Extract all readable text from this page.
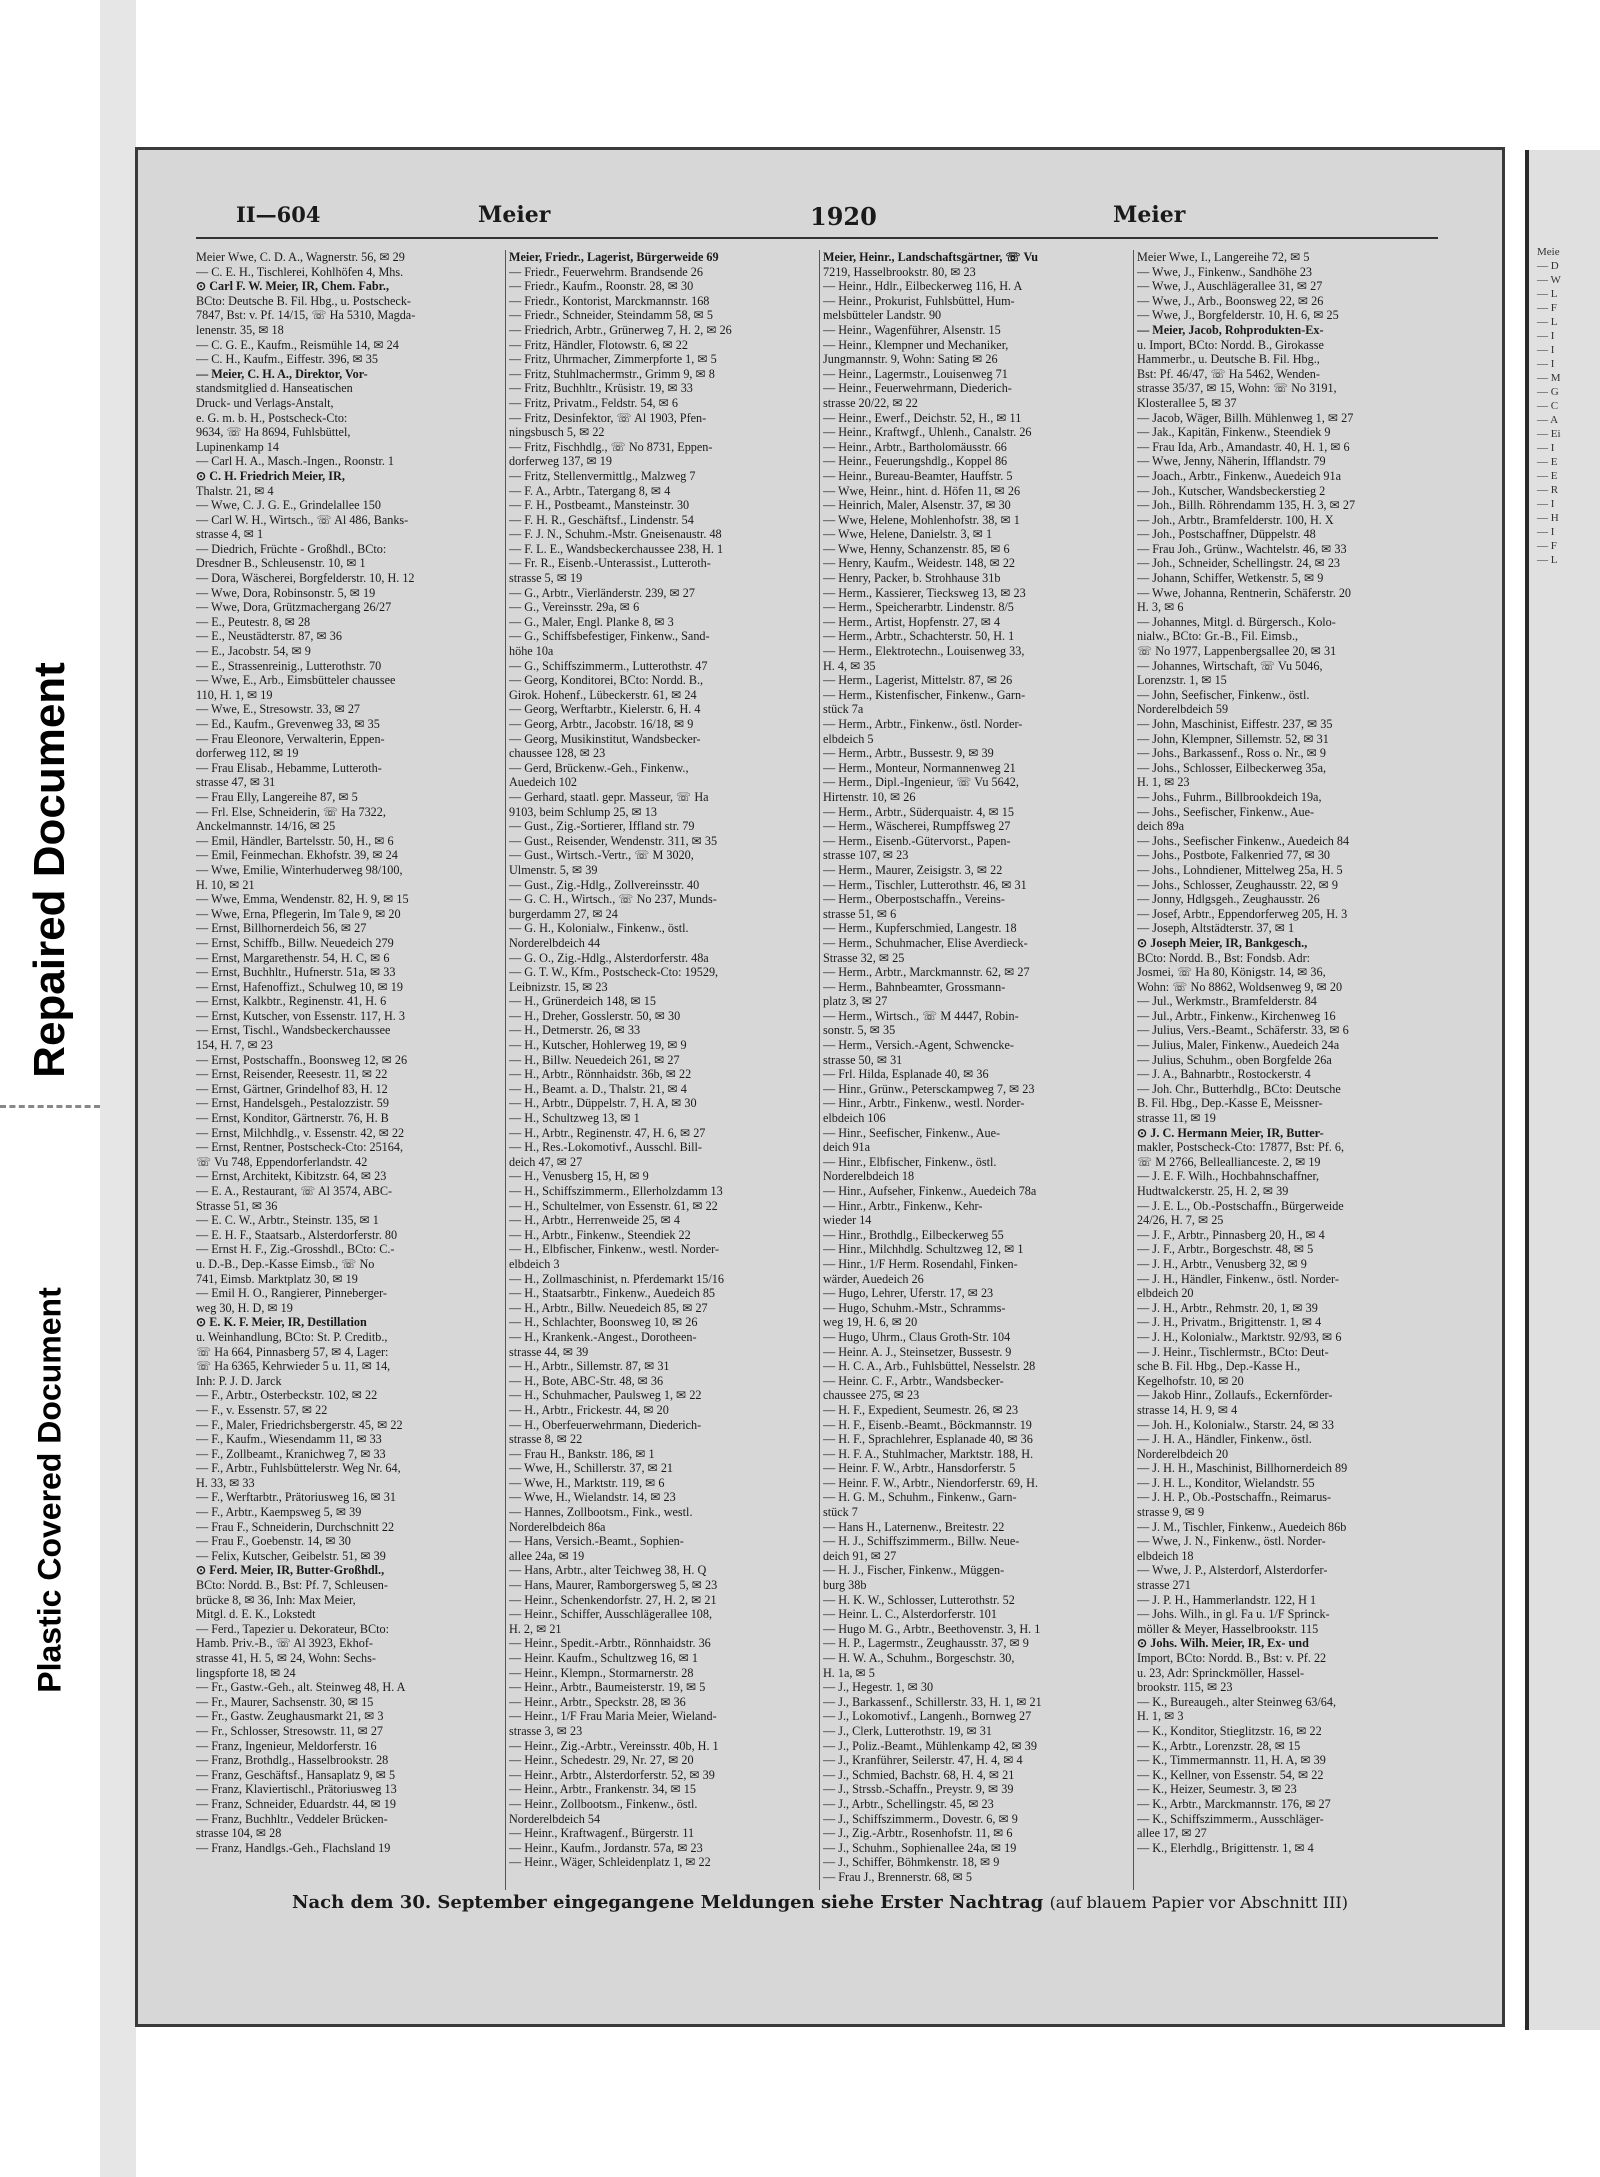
Repaired Document
Plastic Covered Document
II—604	Meier	1920	Meier
Meier Wwe, C. D. A., Wagnerstr. 56, ✉ 29
— C. E. H., Tischlerei, Kohlhöfen 4, Mhs.
⊙ Carl F. W. Meier, IR, Chem. Fabr.,
BCto: Deutsche B. Fil. Hbg., u. Postscheck-
7847, Bst: v. Pf. 14/15, ☏ Ha 5310, Magda-
lenenstr. 35, ✉ 18
— C. G. E., Kaufm., Reismühle 14, ✉ 24
— C. H., Kaufm., Eiffestr. 396, ✉ 35
— Meier, C. H. A., Direktor, Vor-
standsmitglied d. Hanseatischen
Druck- und Verlags-Anstalt,
e. G. m. b. H., Postscheck-Cto:
9634, ☏ Ha 8694, Fuhlsbüttel,
Lupinenkamp 14
— Carl H. A., Masch.-Ingen., Roonstr. 1
⊙ C. H. Friedrich Meier, IR,
Thalstr. 21, ✉ 4
— Wwe, C. J. G. E., Grindelallee 150
— Carl W. H., Wirtsch., ☏ Al 486, Banks-
strasse 4, ✉ 1
— Diedrich, Früchte - Großhdl., BCto:
Dresdner B., Schleusenstr. 10, ✉ 1
— Dora, Wäscherei, Borgfelderstr. 10, H. 12
— Wwe, Dora, Robinsonstr. 5, ✉ 19
— Wwe, Dora, Grützmachergang 26/27
— E., Peutestr. 8, ✉ 28
— E., Neustädterstr. 87, ✉ 36
— E., Jacobstr. 54, ✉ 9
— E., Strassenreinig., Lutterothstr. 70
— Wwe, E., Arb., Eimsbütteler chaussee
110, H. 1, ✉ 19
— Wwe, E., Stresowstr. 33, ✉ 27
— Ed., Kaufm., Grevenweg 33, ✉ 35
— Frau Eleonore, Verwalterin, Eppen-
dorferweg 112, ✉ 19
— Frau Elisab., Hebamme, Lutteroth-
strasse 47, ✉ 31
— Frau Elly, Langereihe 87, ✉ 5
— Frl. Else, Schneiderin, ☏ Ha 7322,
Anckelmannstr. 14/16, ✉ 25
— Emil, Händler, Bartelsstr. 50, H., ✉ 6
— Emil, Feinmechan. Ekhofstr. 39, ✉ 24
— Wwe, Emilie, Winterhuderweg 98/100,
H. 10, ✉ 21
— Wwe, Emma, Wendenstr. 82, H. 9, ✉ 15
— Wwe, Erna, Pflegerin, Im Tale 9, ✉ 20
— Ernst, Billhornerdeich 56, ✉ 27
— Ernst, Schiffb., Billw. Neuedeich 279
— Ernst, Margarethenstr. 54, H. C, ✉ 6
— Ernst, Buchhltr., Hufnerstr. 51a, ✉ 33
— Ernst, Hafenoffizt., Schulweg 10, ✉ 19
— Ernst, Kalkbtr., Reginenstr. 41, H. 6
— Ernst, Kutscher, von Essenstr. 117, H. 3
— Ernst, Tischl., Wandsbeckerchaussee
154, H. 7, ✉ 23
— Ernst, Postschaffn., Boonsweg 12, ✉ 26
— Ernst, Reisender, Reesestr. 11, ✉ 22
— Ernst, Gärtner, Grindelhof 83, H. 12
— Ernst, Handelsgeh., Pestalozzistr. 59
— Ernst, Konditor, Gärtnerstr. 76, H. B
— Ernst, Milchhdlg., v. Essenstr. 42, ✉ 22
— Ernst, Rentner, Postscheck-Cto: 25164,
☏ Vu 748, Eppendorferlandstr. 42
— Ernst, Architekt, Kibitzstr. 64, ✉ 23
— E. A., Restaurant, ☏ Al 3574, ABC-
Strasse 51, ✉ 36
— E. C. W., Arbtr., Steinstr. 135, ✉ 1
— E. H. F., Staatsarb., Alsterdorferstr. 80
— Ernst H. F., Zig.-Grosshdl., BCto: C.-
u. D.-B., Dep.-Kasse Eimsb., ☏ No
741, Eimsb. Marktplatz 30, ✉ 19
— Emil H. O., Rangierer, Pinneberger-
weg 30, H. D, ✉ 19
⊙ E. K. F. Meier, IR, Destillation
u. Weinhandlung, BCto: St. P. Creditb.,
☏ Ha 664, Pinnasberg 57, ✉ 4, Lager:
☏ Ha 6365, Kehrwieder 5 u. 11, ✉ 14,
Inh: P. J. D. Jarck
— F., Arbtr., Osterbeckstr. 102, ✉ 22
— F., v. Essenstr. 57, ✉ 22
— F., Maler, Friedrichsbergerstr. 45, ✉ 22
— F., Kaufm., Wiesendamm 11, ✉ 33
— F., Zollbeamt., Kranichweg 7, ✉ 33
— F., Arbtr., Fuhlsbüttelerstr. Weg Nr. 64,
H. 33, ✉ 33
— F., Werftarbtr., Prätoriusweg 16, ✉ 31
— F., Arbtr., Kaempsweg 5, ✉ 39
— Frau F., Schneiderin, Durchschnitt 22
— Frau F., Goebenstr. 14, ✉ 30
— Felix, Kutscher, Geibelstr. 51, ✉ 39
⊙ Ferd. Meier, IR, Butter-Großhdl.,
BCto: Nordd. B., Bst: Pf. 7, Schleusen-
brücke 8, ✉ 36, Inh: Max Meier,
Mitgl. d. E. K., Lokstedt
— Ferd., Tapezier u. Dekorateur, BCto:
Hamb. Priv.-B., ☏ Al 3923, Ekhof-
strasse 41, H. 5, ✉ 24, Wohn: Sechs-
lingspforte 18, ✉ 24
— Fr., Gastw.-Geh., alt. Steinweg 48, H. A
— Fr., Maurer, Sachsenstr. 30, ✉ 15
— Fr., Gastw. Zeughausmarkt 21, ✉ 3
— Fr., Schlosser, Stresowstr. 11, ✉ 27
— Franz, Ingenieur, Meldorferstr. 16
— Franz, Brothdlg., Hasselbrookstr. 28
— Franz, Geschäftsf., Hansaplatz 9, ✉ 5
— Franz, Klaviertischl., Prätoriusweg 13
— Franz, Schneider, Eduardstr. 44, ✉ 19
— Franz, Buchhltr., Veddeler Brücken-
strasse 104, ✉ 28
— Franz, Handlgs.-Geh., Flachsland 19
Meier, Friedr., Lagerist, Bürgerweide 69
— Friedr., Feuerwehrm. Brandsende 26
— Friedr., Kaufm., Roonstr. 28, ✉ 30
— Friedr., Kontorist, Marckmannstr. 168
— Friedr., Schneider, Steindamm 58, ✉ 5
— Friedrich, Arbtr., Grünerweg 7, H. 2, ✉ 26
— Fritz, Händler, Flotowstr. 6, ✉ 22
— Fritz, Uhrmacher, Zimmerpforte 1, ✉ 5
— Fritz, Stuhlmachermstr., Grimm 9, ✉ 8
— Fritz, Buchhltr., Krüsistr. 19, ✉ 33
— Fritz, Privatm., Feldstr. 54, ✉ 6
— Fritz, Desinfektor, ☏ Al 1903, Pfen-
ningsbusch 5, ✉ 22
— Fritz, Fischhdlg., ☏ No 8731, Eppen-
dorferweg 137, ✉ 19
— Fritz, Stellenvermittlg., Malzweg 7
— F. A., Arbtr., Tatergang 8, ✉ 4
— F. H., Postbeamt., Mansteinstr. 30
— F. H. R., Geschäftsf., Lindenstr. 54
— F. J. N., Schuhm.-Mstr. Gneisenaustr. 48
— F. L. E., Wandsbeckerchaussee 238, H. 1
— Fr. R., Eisenb.-Unterassist., Lutteroth-
strasse 5, ✉ 19
— G., Arbtr., Vierländerstr. 239, ✉ 27
— G., Vereinsstr. 29a, ✉ 6
— G., Maler, Engl. Planke 8, ✉ 3
— G., Schiffsbefestiger, Finkenw., Sand-
höhe 10a
— G., Schiffszimmerm., Lutterothstr. 47
— Georg, Konditorei, BCto: Nordd. B.,
Girok. Hohenf., Lübeckerstr. 61, ✉ 24
— Georg, Werftarbtr., Kielerstr. 6, H. 4
— Georg, Arbtr., Jacobstr. 16/18, ✉ 9
— Georg, Musikinstitut, Wandsbecker-
chaussee 128, ✉ 23
— Gerd, Brückenw.-Geh., Finkenw.,
Auedeich 102
— Gerhard, staatl. gepr. Masseur, ☏ Ha
9103, beim Schlump 25, ✉ 13
— Gust., Zig.-Sortierer, Iffland str. 79
— Gust., Reisender, Wendenstr. 311, ✉ 35
— Gust., Wirtsch.-Vertr., ☏ M 3020,
Ulmenstr. 5, ✉ 39
— Gust., Zig.-Hdlg., Zollvereinsstr. 40
— G. C. H., Wirtsch., ☏ No 237, Munds-
burgerdamm 27, ✉ 24
— G. H., Kolonialw., Finkenw., östl.
Norderelbdeich 44
— G. O., Zig.-Hdlg., Alsterdorferstr. 48a
— G. T. W., Kfm., Postscheck-Cto: 19529,
Leibnizstr. 15, ✉ 23
— H., Grünerdeich 148, ✉ 15
— H., Dreher, Gosslerstr. 50, ✉ 30
— H., Detmerstr. 26, ✉ 33
— H., Kutscher, Hohlerweg 19, ✉ 9
— H., Billw. Neuedeich 261, ✉ 27
— H., Arbtr., Rönnhaidstr. 36b, ✉ 22
— H., Beamt. a. D., Thalstr. 21, ✉ 4
— H., Arbtr., Düppelstr. 7, H. A, ✉ 30
— H., Schultzweg 13, ✉ 1
— H., Arbtr., Reginenstr. 47, H. 6, ✉ 27
— H., Res.-Lokomotivf., Ausschl. Bill-
deich 47, ✉ 27
— H., Venusberg 15, H, ✉ 9
— H., Schiffszimmerm., Ellerholzdamm 13
— H., Schultelmer, von Essenstr. 61, ✉ 22
— H., Arbtr., Herrenweide 25, ✉ 4
— H., Arbtr., Finkenw., Steendiek 22
— H., Elbfischer, Finkenw., westl. Norder-
elbdeich 3
— H., Zollmaschinist, n. Pferdemarkt 15/16
— H., Staatsarbtr., Finkenw., Auedeich 85
— H., Arbtr., Billw. Neuedeich 85, ✉ 27
— H., Schlachter, Boonsweg 10, ✉ 26
— H., Krankenk.-Angest., Dorotheen-
strasse 44, ✉ 39
— H., Arbtr., Sillemstr. 87, ✉ 31
— H., Bote, ABC-Str. 48, ✉ 36
— H., Schuhmacher, Paulsweg 1, ✉ 22
— H., Arbtr., Frickestr. 44, ✉ 20
— H., Oberfeuerwehrmann, Diederich-
strasse 8, ✉ 22
— Frau H., Bankstr. 186, ✉ 1
— Wwe, H., Schillerstr. 37, ✉ 21
— Wwe, H., Marktstr. 119, ✉ 6
— Wwe, H., Wielandstr. 14, ✉ 23
— Hannes, Zollbootsm., Fink., westl.
Norderelbdeich 86a
— Hans, Versich.-Beamt., Sophien-
allee 24a, ✉ 19
— Hans, Arbtr., alter Teichweg 38, H. Q
— Hans, Maurer, Ramborgersweg 5, ✉ 23
— Heinr., Schenkendorfstr. 27, H. 2, ✉ 21
— Heinr., Schiffer, Ausschlägerallee 108,
H. 2, ✉ 21
— Heinr., Spedit.-Arbtr., Rönnhaidstr. 36
— Heinr. Kaufm., Schultzweg 16, ✉ 1
— Heinr., Klempn., Stormarnerstr. 28
— Heinr., Arbtr., Baumeisterstr. 19, ✉ 5
— Heinr., Arbtr., Speckstr. 28, ✉ 36
— Heinr., 1/F Frau Maria Meier, Wieland-
strasse 3, ✉ 23
— Heinr., Zig.-Arbtr., Vereinsstr. 40b, H. 1
— Heinr., Schedestr. 29, Nr. 27, ✉ 20
— Heinr., Arbtr., Alsterdorferstr. 52, ✉ 39
— Heinr., Arbtr., Frankenstr. 34, ✉ 15
— Heinr., Zollbootsm., Finkenw., östl.
Norderelbdeich 54
— Heinr., Kraftwagenf., Bürgerstr. 11
— Heinr., Kaufm., Jordanstr. 57a, ✉ 23
— Heinr., Wäger, Schleidenplatz 1, ✉ 22
Meier, Heinr., Landschaftsgärtner, ☏ Vu
7219, Hasselbrookstr. 80, ✉ 23
— Heinr., Hdlr., Eilbeckerweg 116, H. A
— Heinr., Prokurist, Fuhlsbüttel, Hum-
melsbütteler Landstr. 90
— Heinr., Wagenführer, Alsenstr. 15
— Heinr., Klempner und Mechaniker,
Jungmannstr. 9, Wohn: Sating ✉ 26
— Heinr., Lagermstr., Louisenweg 71
— Heinr., Feuerwehrmann, Diederich-
strasse 20/22, ✉ 22
— Heinr., Ewerf., Deichstr. 52, H., ✉ 11
— Heinr., Kraftwgf., Uhlenh., Canalstr. 26
— Heinr., Arbtr., Bartholomäusstr. 66
— Heinr., Feuerungshdlg., Koppel 86
— Heinr., Bureau-Beamter, Hauffstr. 5
— Wwe, Heinr., hint. d. Höfen 11, ✉ 26
— Heinrich, Maler, Alsenstr. 37, ✉ 30
— Wwe, Helene, Mohlenhofstr. 38, ✉ 1
— Wwe, Helene, Danielstr. 3, ✉ 1
— Wwe, Henny, Schanzenstr. 85, ✉ 6
— Henry, Kaufm., Weidestr. 148, ✉ 22
— Henry, Packer, b. Strohhause 31b
— Herm., Kassierer, Tiecksweg 13, ✉ 23
— Herm., Speicherarbtr. Lindenstr. 8/5
— Herm., Artist, Hopfenstr. 27, ✉ 4
— Herm., Arbtr., Schachterstr. 50, H. 1
— Herm., Elektrotechn., Louisenweg 33,
H. 4, ✉ 35
— Herm., Lagerist, Mittelstr. 87, ✉ 26
— Herm., Kistenfischer, Finkenw., Garn-
stück 7a
— Herm., Arbtr., Finkenw., östl. Norder-
elbdeich 5
— Herm., Arbtr., Bussestr. 9, ✉ 39
— Herm., Monteur, Normannenweg 21
— Herm., Dipl.-Ingenieur, ☏ Vu 5642,
Hirtenstr. 10, ✉ 26
— Herm., Arbtr., Süderquaistr. 4, ✉ 15
— Herm., Wäscherei, Rumpffsweg 27
— Herm., Eisenb.-Gütervorst., Papen-
strasse 107, ✉ 23
— Herm., Maurer, Zeisigstr. 3, ✉ 22
— Herm., Tischler, Lutterothstr. 46, ✉ 31
— Herm., Oberpostschaffn., Vereins-
strasse 51, ✉ 6
— Herm., Kupferschmied, Langestr. 18
— Herm., Schuhmacher, Elise Averdieck-
Strasse 32, ✉ 25
— Herm., Arbtr., Marckmannstr. 62, ✉ 27
— Herm., Bahnbeamter, Grossmann-
platz 3, ✉ 27
— Herm., Wirtsch., ☏ M 4447, Robin-
sonstr. 5, ✉ 35
— Herm., Versich.-Agent, Schwencke-
strasse 50, ✉ 31
— Frl. Hilda, Esplanade 40, ✉ 36
— Hinr., Grünw., Petersckampweg 7, ✉ 23
— Hinr., Arbtr., Finkenw., westl. Norder-
elbdeich 106
— Hinr., Seefischer, Finkenw., Aue-
deich 91a
— Hinr., Elbfischer, Finkenw., östl.
Norderelbdeich 18
— Hinr., Aufseher, Finkenw., Auedeich 78a
— Hinr., Arbtr., Finkenw., Kehr-
wieder 14
— Hinr., Brothdlg., Eilbeckerweg 55
— Hinr., Milchhdlg. Schultzweg 12, ✉ 1
— Hinr., 1/F Herm. Rosendahl, Finken-
wärder, Auedeich 26
— Hugo, Lehrer, Uferstr. 17, ✉ 23
— Hugo, Schuhm.-Mstr., Schramms-
weg 19, H. 6, ✉ 20
— Hugo, Uhrm., Claus Groth-Str. 104
— Heinr. A. J., Steinsetzer, Bussestr. 9
— H. C. A., Arb., Fuhlsbüttel, Nesselstr. 28
— Heinr. C. F., Arbtr., Wandsbecker-
chaussee 275, ✉ 23
— H. F., Expedient, Seumestr. 26, ✉ 23
— H. F., Eisenb.-Beamt., Böckmannstr. 19
— H. F., Sprachlehrer, Esplanade 40, ✉ 36
— H. F. A., Stuhlmacher, Marktstr. 188, H.
— Heinr. F. W., Arbtr., Hansdorferstr. 5
— Heinr. F. W., Arbtr., Niendorferstr. 69, H.
— H. G. M., Schuhm., Finkenw., Garn-
stück 7
— Hans H., Laternenw., Breitestr. 22
— H. J., Schiffszimmerm., Billw. Neue-
deich 91, ✉ 27
— H. J., Fischer, Finkenw., Müggen-
burg 38b
— H. K. W., Schlosser, Lutterothstr. 52
— Heinr. L. C., Alsterdorferstr. 101
— Hugo M. G., Arbtr., Beethovenstr. 3, H. 1
— H. P., Lagermstr., Zeughausstr. 37, ✉ 9
— H. W. A., Schuhm., Borgeschstr. 30,
H. 1a, ✉ 5
— J., Hegestr. 1, ✉ 30
— J., Barkassenf., Schillerstr. 33, H. 1, ✉ 21
— J., Lokomotivf., Langenh., Bornweg 27
— J., Clerk, Lutterothstr. 19, ✉ 31
— J., Poliz.-Beamt., Mühlenkamp 42, ✉ 39
— J., Kranführer, Seilerstr. 47, H. 4, ✉ 4
— J., Schmied, Bachstr. 68, H. 4, ✉ 21
— J., Strssb.-Schaffn., Preystr. 9, ✉ 39
— J., Arbtr., Schellingstr. 45, ✉ 23
— J., Schiffszimmerm., Dovestr. 6, ✉ 9
— J., Zig.-Arbtr., Rosenhofstr. 11, ✉ 6
— J., Schuhm., Sophienallee 24a, ✉ 19
— J., Schiffer, Böhmkenstr. 18, ✉ 9
— Frau J., Brennerstr. 68, ✉ 5
Meier Wwe, I., Langereihe 72, ✉ 5
— Wwe, J., Finkenw., Sandhöhe 23
— Wwe, J., Auschlägerallee 31, ✉ 27
— Wwe, J., Arb., Boonsweg 22, ✉ 26
— Wwe, J., Borgfelderstr. 10, H. 6, ✉ 25
— Meier, Jacob, Rohprodukten-Ex-
u. Import, BCto: Nordd. B., Girokasse
Hammerbr., u. Deutsche B. Fil. Hbg.,
Bst: Pf. 46/47, ☏ Ha 5462, Wenden-
strasse 35/37, ✉ 15, Wohn: ☏ No 3191,
Klosterallee 5, ✉ 37
— Jacob, Wäger, Billh. Mühlenweg 1, ✉ 27
— Jak., Kapitän, Finkenw., Steendiek 9
— Frau Ida, Arb., Amandastr. 40, H. 1, ✉ 6
— Wwe, Jenny, Näherin, Ifflandstr. 79
— Joach., Arbtr., Finkenw., Auedeich 91a
— Joh., Kutscher, Wandsbeckerstieg 2
— Joh., Billh. Röhrendamm 135, H. 3, ✉ 27
— Joh., Arbtr., Bramfelderstr. 100, H. X
— Joh., Postschaffner, Düppelstr. 48
— Frau Joh., Grünw., Wachtelstr. 46, ✉ 33
— Joh., Schneider, Schellingstr. 24, ✉ 23
— Johann, Schiffer, Wetkenstr. 5, ✉ 9
— Wwe, Johanna, Rentnerin, Schäferstr. 20
H. 3, ✉ 6
— Johannes, Mitgl. d. Bürgersch., Kolo-
nialw., BCto: Gr.-B., Fil. Eimsb.,
☏ No 1977, Lappenbergsallee 20, ✉ 31
— Johannes, Wirtschaft, ☏ Vu 5046,
Lorenzstr. 1, ✉ 15
— John, Seefischer, Finkenw., östl.
Norderelbdeich 59
— John, Maschinist, Eiffestr. 237, ✉ 35
— John, Klempner, Sillemstr. 52, ✉ 31
— Johs., Barkassenf., Ross o. Nr., ✉ 9
— Johs., Schlosser, Eilbeckerweg 35a,
H. 1, ✉ 23
— Johs., Fuhrm., Billbrookdeich 19a,
— Johs., Seefischer, Finkenw., Aue-
deich 89a
— Johs., Seefischer Finkenw., Auedeich 84
— Johs., Postbote, Falkenried 77, ✉ 30
— Johs., Lohndiener, Mittelweg 25a, H. 5
— Johs., Schlosser, Zeughausstr. 22, ✉ 9
— Jonny, Hdlgsgeh., Zeughausstr. 26
— Josef, Arbtr., Eppendorferweg 205, H. 3
— Joseph, Altstädterstr. 37, ✉ 1
⊙ Joseph Meier, IR, Bankgesch.,
BCto: Nordd. B., Bst: Fondsb. Adr:
Josmei, ☏ Ha 80, Königstr. 14, ✉ 36,
Wohn: ☏ No 8862, Woldsenweg 9, ✉ 20
— Jul., Werkmstr., Bramfelderstr. 84
— Jul., Arbtr., Finkenw., Kirchenweg 16
— Julius, Vers.-Beamt., Schäferstr. 33, ✉ 6
— Julius, Maler, Finkenw., Auedeich 24a
— Julius, Schuhm., oben Borgfelde 26a
— J. A., Bahnarbtr., Rostockerstr. 4
— Joh. Chr., Butterhdlg., BCto: Deutsche
B. Fil. Hbg., Dep.-Kasse E, Meissner-
strasse 11, ✉ 19
⊙ J. C. Hermann Meier, IR, Butter-
makler, Postscheck-Cto: 17877, Bst: Pf. 6,
☏ M 2766, Belleallianceste. 2, ✉ 19
— J. E. F. Wilh., Hochbahnschaffner,
Hudtwalckerstr. 25, H. 2, ✉ 39
— J. E. L., Ob.-Postschaffn., Bürgerweide
24/26, H. 7, ✉ 25
— J. F., Arbtr., Pinnasberg 20, H., ✉ 4
— J. F., Arbtr., Borgeschstr. 48, ✉ 5
— J. H., Arbtr., Venusberg 32, ✉ 9
— J. H., Händler, Finkenw., östl. Norder-
elbdeich 20
— J. H., Arbtr., Rehmstr. 20, 1, ✉ 39
— J. H., Privatm., Brigittenstr. 1, ✉ 4
— J. H., Kolonialw., Marktstr. 92/93, ✉ 6
— J. Heinr., Tischlermstr., BCto: Deut-
sche B. Fil. Hbg., Dep.-Kasse H.,
Kegelhofstr. 10, ✉ 20
— Jakob Hinr., Zollaufs., Eckernförder-
strasse 14, H. 9, ✉ 4
— Joh. H., Kolonialw., Starstr. 24, ✉ 33
— J. H. A., Händler, Finkenw., östl.
Norderelbdeich 20
— J. H. H., Maschinist, Billhornerdeich 89
— J. H. L., Konditor, Wielandstr. 55
— J. H. P., Ob.-Postschaffn., Reimarus-
strasse 9, ✉ 9
— J. M., Tischler, Finkenw., Auedeich 86b
— Wwe, J. N., Finkenw., östl. Norder-
elbdeich 18
— Wwe, J. P., Alsterdorf, Alsterdorfer-
strasse 271
— J. P. H., Hammerlandstr. 122, H 1
— Johs. Wilh., in gl. Fa u. 1/F Sprinck-
möller & Meyer, Hasselbrookstr. 115
⊙ Johs. Wilh. Meier, IR, Ex- und
Import, BCto: Nordd. B., Bst: v. Pf. 22
u. 23, Adr: Sprinckmöller, Hassel-
brookstr. 115, ✉ 23
— K., Bureaugeh., alter Steinweg 63/64,
H. 1, ✉ 3
— K., Konditor, Stieglitzstr. 16, ✉ 22
— K., Arbtr., Lorenzstr. 28, ✉ 15
— K., Timmermannstr. 11, H. A, ✉ 39
— K., Kellner, von Essenstr. 54, ✉ 22
— K., Heizer, Seumestr. 3, ✉ 23
— K., Arbtr., Marckmannstr. 176, ✉ 27
— K., Schiffszimmerm., Ausschläger-
allee 17, ✉ 27
— K., Elerhdlg., Brigittenstr. 1, ✉ 4
Nach dem 30. September eingegangene Meldungen siehe Erster Nachtrag (auf blauem Papier vor Abschnitt III)
Meie
— D
— W
— L
— F
— L
— I
— I
— I
— M
— G
— C
— A
— Ei
— I
— E
— E
— R
— I
— H
— I
— F
— L
